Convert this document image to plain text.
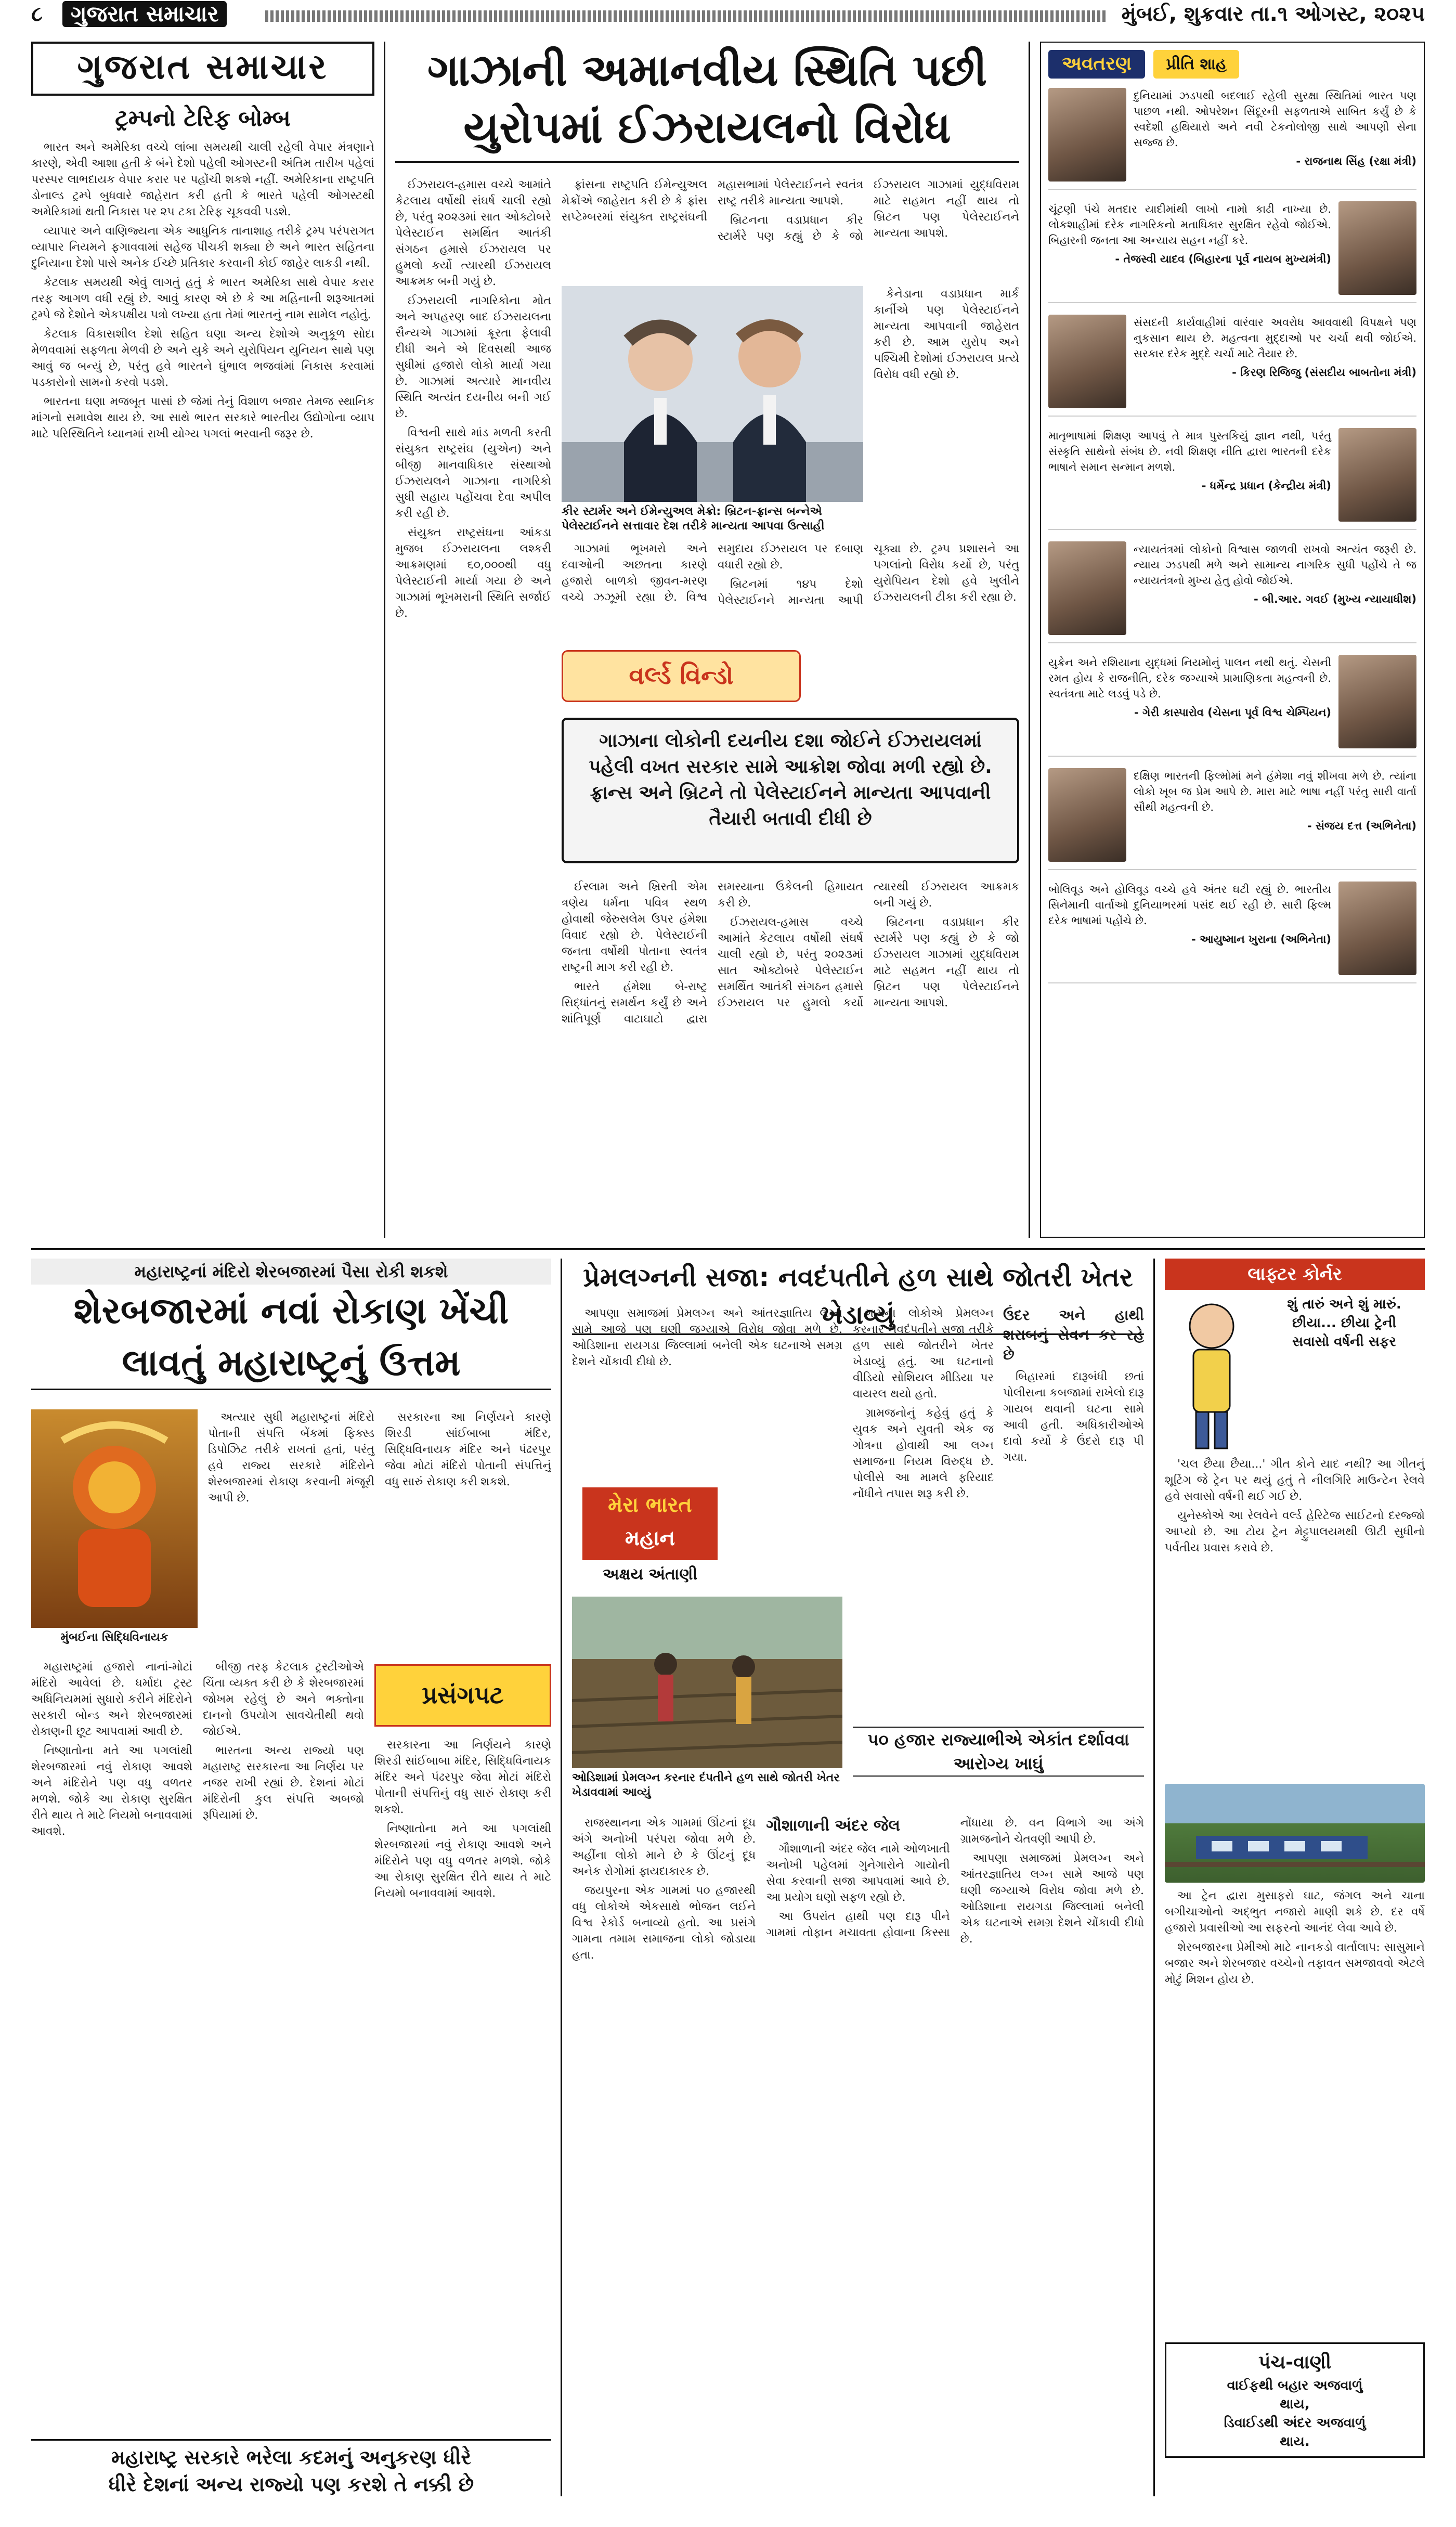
૮	ગુજરાત સમાચાર	મુંબઈ, શુક્રવાર તા.૧ ઓગસ્ટ, ૨૦૨૫
ગુજરાત સમાચાર
ટ્રમ્પનો ટેરિફ બોમ્બ

ભારત અને અમેરિકા વચ્ચે લાંબા સમયથી ચાલી રહેલી વેપાર મંત્રણાને કારણે, એવી આશા હતી કે બંને દેશો પહેલી ઓગસ્ટની અંતિમ તારીખ પહેલાં પરસ્પર લાભદાયક વેપાર કરાર પર પહોંચી શકશે નહીં. અમેરિકાના રાષ્ટ્રપતિ ડોનાલ્ડ ટ્રમ્પે બુધવારે જાહેરાત કરી હતી કે ભારતે પહેલી ઓગસ્ટથી અમેરિકામાં થતી નિકાસ પર ૨૫ ટકા ટેરિફ ચૂકવવી પડશે.

વ્યાપાર અને વાણિજ્યના એક આધુનિક તાનાશાહ તરીકે ટ્રમ્પ પરંપરાગત વ્યાપાર નિયમને ફગાવવામાં સહેજ પીચકી શક્યા છે અને ભારત સહિતના દુનિયાના દેશો પાસે અનેક ઈચ્છે પ્રતિકાર કરવાની કોઈ જાહેર લાકડી નથી.

કેટલાક સમયથી એવું લાગતું હતું કે ભારત અમેરિકા સાથે વેપાર કરાર તરફ આગળ વધી રહ્યું છે. આવું કારણ એ છે કે આ મહિનાની શરૂઆતમાં ટ્રમ્પે જે દેશોને એકપક્ષીય પત્રો લખ્યા હતા તેમાં ભારતનું નામ સામેલ નહોતું.

કેટલાક વિકાસશીલ દેશો સહિત ઘણા અન્ય દેશોએ અનુકૂળ સોદા મેળવવામાં સફળતા મેળવી છે અને યુકે અને યુરોપિયન યુનિયન સાથે પણ આવું જ બન્યું છે, પરંતુ હવે ભારતને ઘુંભાલ ભજવાંમાં નિકાસ કરવામાં પડકારોનો સામનો કરવો પડશે.

ભારતના ઘણા મજબૂત પાસાં છે જેમાં તેનું વિશાળ બજાર તેમજ સ્થાનિક માંગનો સમાવેશ થાય છે. આ સાથે ભારત સરકારે ભારતીય ઉદ્યોગોના વ્યાપ માટે પરિસ્થિતિને ધ્યાનમાં રાખી યોગ્ય પગલાં ભરવાની જરૂર છે.

ગાઝાની અમાનવીય સ્થિતિ પછી
યુરોપમાં ઈઝરાયલનો વિરોધ

ઈઝરાયલ-હમાસ વચ્ચે આમાંતે કેટલાય વર્ષોથી સંઘર્ષ ચાલી રહ્યો છે, પરંતુ ૨૦૨૩માં સાત ઓક્ટોબરે પેલેસ્ટાઈન સમર્થિત આતંકી સંગઠન હમાસે ઈઝરાયલ પર હુમલો કર્યો ત્યારથી ઈઝરાયલ આક્રમક બની ગયું છે.

ઈઝરાયલી નાગરિકોના મોત અને અપહરણ બાદ ઈઝરાયલના સૈન્યએ ગાઝામાં ક્રૂરતા ફેલાવી દીધી અને એ દિવસથી આજ સુધીમાં હજારો લોકો માર્યા ગયા છે. ગાઝામાં અત્યારે માનવીય સ્થિતિ અત્યંત દયનીય બની ગઈ છે.

વિશ્વની સાથે માંડ મળતી કરતી સંયુક્ત રાષ્ટ્રસંઘ (યુએન) અને બીજી માનવાધિકાર સંસ્થાઓ ઈઝરાયલને ગાઝાના નાગરિકો સુધી સહાય પહોંચવા દેવા અપીલ કરી રહી છે.

સંયુક્ત રાષ્ટ્રસંઘના આંકડા મુજબ ઈઝરાયલના લશ્કરી આક્રમણમાં ૬૦,૦૦૦થી વધુ પેલેસ્ટાઈની માર્યા ગયા છે અને ગાઝામાં ભૂખમરાની સ્થિતિ સર્જાઈ છે.

ફ્રાંસના રાષ્ટ્રપતિ ઈમેન્યુઅલ મેક્રોંએ જાહેરાત કરી છે કે ફ્રાંસ સપ્ટેમ્બરમાં સંયુક્ત રાષ્ટ્રસંઘની મહાસભામાં પેલેસ્ટાઈનને સ્વતંત્ર રાષ્ટ્ર તરીકે માન્યતા આપશે.

બ્રિટનના વડાપ્રધાન કીર સ્ટાર્મરે પણ કહ્યું છે કે જો ઈઝરાયલ ગાઝામાં યુદ્ધવિરામ માટે સહમત નહીં થાય તો બ્રિટન પણ પેલેસ્ટાઈનને માન્યતા આપશે.

કીર સ્ટાર્મર અને ઈમેન્યુઅલ મેક્રો: બ્રિટન-ફ્રાન્સ બન્નેએ પેલેસ્ટાઈનને સત્તાવાર દેશ તરીકે માન્યતા આપવા ઉત્સાહી

કેનેડાના વડાપ્રધાન માર્ક કાર્નીએ પણ પેલેસ્ટાઈનને માન્યતા આપવાની જાહેરાત કરી છે. આમ યુરોપ અને પશ્ચિમી દેશોમાં ઈઝરાયલ પ્રત્યે વિરોધ વધી રહ્યો છે.

ગાઝામાં ભૂખમરો અને દવાઓની અછતના કારણે હજારો બાળકો જીવન-મરણ વચ્ચે ઝઝૂમી રહ્યા છે. વિશ્વ સમુદાય ઈઝરાયલ પર દબાણ વધારી રહ્યો છે.

બ્રિટનમાં ૧૪૫ દેશો પેલેસ્ટાઈનને માન્યતા આપી ચૂક્યા છે. ટ્રમ્પ પ્રશાસને આ પગલાંનો વિરોધ કર્યો છે, પરંતુ યુરોપિયન દેશો હવે ખુલીને ઈઝરાયલની ટીકા કરી રહ્યા છે.

વર્લ્ડ વિન્ડો
ગાઝાના લોકોની દયનીય દશા જોઈને ઈઝરાયલમાં પહેલી વખત સરકાર સામે આક્રોશ જોવા મળી રહ્યો છે. ફ્રાન્સ અને બ્રિટને તો પેલેસ્ટાઈનને માન્યતા આપવાની તૈયારી બતાવી દીધી છે

ઈસ્લામ અને ખ્રિસ્તી એમ ત્રણેય ધર્મના પવિત્ર સ્થળ હોવાથી જેરુસલેમ ઉપર હંમેશા વિવાદ રહ્યો છે. પેલેસ્ટાઈની જનતા વર્ષોથી પોતાના સ્વતંત્ર રાષ્ટ્રની માગ કરી રહી છે.

ભારતે હંમેશા બે-રાષ્ટ્ર સિદ્ધાંતનું સમર્થન કર્યું છે અને શાંતિપૂર્ણ વાટાઘાટો દ્વારા સમસ્યાના ઉકેલની હિમાયત કરી છે.

ઈઝરાયલ-હમાસ વચ્ચે આમાંતે કેટલાય વર્ષોથી સંઘર્ષ ચાલી રહ્યો છે, પરંતુ ૨૦૨૩માં સાત ઓક્ટોબરે પેલેસ્ટાઈન સમર્થિત આતંકી સંગઠન હમાસે ઈઝરાયલ પર હુમલો કર્યો ત્યારથી ઈઝરાયલ આક્રમક બની ગયું છે.

બ્રિટનના વડાપ્રધાન કીર સ્ટાર્મરે પણ કહ્યું છે કે જો ઈઝરાયલ ગાઝામાં યુદ્ધવિરામ માટે સહમત નહીં થાય તો બ્રિટન પણ પેલેસ્ટાઈનને માન્યતા આપશે.

અવતરણ	પ્રીતિ શાહ
દુનિયામાં ઝડપથી બદલાઈ રહેલી સુરક્ષા સ્થિતિમાં ભારત પણ પાછળ નથી. ઓપરેશન સિંદૂરની સફળતાએ સાબિત કર્યું છે કે સ્વદેશી હથિયારો અને નવી ટેકનોલોજી સાથે આપણી સેના સજ્જ છે.
- રાજનાથ સિંહ (રક્ષા મંત્રી)
ચૂંટણી પંચે મતદાર યાદીમાંથી લાખો નામો કાઢી નાખ્યા છે. લોકશાહીમાં દરેક નાગરિકનો મતાધિકાર સુરક્ષિત રહેવો જોઈએ. બિહારની જનતા આ અન્યાય સહન નહીં કરે.
- તેજસ્વી યાદવ (બિહારના પૂર્વ નાયબ મુખ્યમંત્રી)
સંસદની કાર્યવાહીમાં વારંવાર અવરોધ આવવાથી વિપક્ષને પણ નુકસાન થાય છે. મહત્વના મુદ્દાઓ પર ચર્ચા થવી જોઈએ. સરકાર દરેક મુદ્દે ચર્ચા માટે તૈયાર છે.
- કિરણ રિજિજુ (સંસદીય બાબતોના મંત્રી)
માતૃભાષામાં શિક્ષણ આપવું તે માત્ર પુસ્તકિયું જ્ઞાન નથી, પરંતુ સંસ્કૃતિ સાથેનો સંબંધ છે. નવી શિક્ષણ નીતિ દ્વારા ભારતની દરેક ભાષાને સમાન સન્માન મળશે.
- ધર્મેન્દ્ર પ્રધાન (કેન્દ્રીય મંત્રી)
ન્યાયતંત્રમાં લોકોનો વિશ્વાસ જાળવી રાખવો અત્યંત જરૂરી છે. ન્યાય ઝડપથી મળે અને સામાન્ય નાગરિક સુધી પહોંચે તે જ ન્યાયતંત્રનો મુખ્ય હેતુ હોવો જોઈએ.
- બી.આર. ગવઈ (મુખ્ય ન્યાયાધીશ)
યુક્રેન અને રશિયાના યુદ્ધમાં નિયમોનું પાલન નથી થતું. ચેસની રમત હોય કે રાજનીતિ, દરેક જગ્યાએ પ્રામાણિકતા મહત્વની છે. સ્વતંત્રતા માટે લડવું પડે છે.
- ગેરી કાસ્પારોવ (ચેસના પૂર્વ વિશ્વ ચેમ્પિયન)
દક્ષિણ ભારતની ફિલ્મોમાં મને હંમેશા નવું શીખવા મળે છે. ત્યાંના લોકો ખૂબ જ પ્રેમ આપે છે. મારા માટે ભાષા નહીં પરંતુ સારી વાર્તા સૌથી મહત્વની છે.
- સંજય દત્ત (અભિનેતા)
બોલિવૂડ અને હોલિવૂડ વચ્ચે હવે અંતર ઘટી રહ્યું છે. ભારતીય સિનેમાની વાર્તાઓ દુનિયાભરમાં પસંદ થઈ રહી છે. સારી ફિલ્મ દરેક ભાષામાં પહોંચે છે.
- આયુષ્માન ખુરાના (અભિનેતા)
મહારાષ્ટ્રનાં મંદિરો શેરબજારમાં પૈસા રોકી શકશે
શેરબજારમાં નવાં રોકાણ ખેંચી
લાવતું મહારાષ્ટ્રનું ઉત્તમ
મુંબઈના સિદ્ધિવિનાયક

અત્યાર સુધી મહારાષ્ટ્રનાં મંદિરો પોતાની સંપત્તિ બેંકમાં ફિક્સ્ડ ડિપોઝિટ તરીકે રાખતાં હતાં, પરંતુ હવે રાજ્ય સરકારે મંદિરોને શેરબજારમાં રોકાણ કરવાની મંજૂરી આપી છે.

સરકારના આ નિર્ણયને કારણે શિરડી સાંઈબાબા મંદિર, સિદ્ધિવિનાયક મંદિર અને પંઢરપુર જેવા મોટાં મંદિરો પોતાની સંપત્તિનું વધુ સારું રોકાણ કરી શકશે.

મહારાષ્ટ્રમાં હજારો નાનાં-મોટાં મંદિરો આવેલાં છે. ધર્માદા ટ્રસ્ટ અધિનિયમમાં સુધારો કરીને મંદિરોને સરકારી બોન્ડ અને શેરબજારમાં રોકાણની છૂટ આપવામાં આવી છે.

નિષ્ણાતોના મતે આ પગલાંથી શેરબજારમાં નવું રોકાણ આવશે અને મંદિરોને પણ વધુ વળતર મળશે. જોકે આ રોકાણ સુરક્ષિત રીતે થાય તે માટે નિયમો બનાવવામાં આવશે.

બીજી તરફ કેટલાક ટ્રસ્ટીઓએ ચિંતા વ્યક્ત કરી છે કે શેરબજારમાં જોખમ રહેલું છે અને ભક્તોના દાનનો ઉપયોગ સાવચેતીથી થવો જોઈએ.

ભારતના અન્ય રાજ્યો પણ મહારાષ્ટ્ર સરકારના આ નિર્ણય પર નજર રાખી રહ્યાં છે. દેશનાં મોટાં મંદિરોની કુલ સંપત્તિ અબજો રૂપિયામાં છે.

પ્રસંગપટ

સરકારના આ નિર્ણયને કારણે શિરડી સાંઈબાબા મંદિર, સિદ્ધિવિનાયક મંદિર અને પંઢરપુર જેવા મોટાં મંદિરો પોતાની સંપત્તિનું વધુ સારું રોકાણ કરી શકશે.

નિષ્ણાતોના મતે આ પગલાંથી શેરબજારમાં નવું રોકાણ આવશે અને મંદિરોને પણ વધુ વળતર મળશે. જોકે આ રોકાણ સુરક્ષિત રીતે થાય તે માટે નિયમો બનાવવામાં આવશે.

મહારાષ્ટ્ર સરકારે ભરેલા કદમનું અનુકરણ ધીરે
ધીરે દેશનાં અન્ય રાજ્યો પણ કરશે તે નક્કી છે
પ્રેમલગ્નની સજા: નવદંપતીને હળ સાથે જોતરી ખેતર ખેડાવ્યું

આપણા સમાજમાં પ્રેમલગ્ન અને આંતરજ્ઞાતિય લગ્ન સામે આજે પણ ઘણી જગ્યાએ વિરોધ જોવા મળે છે. ઓડિશાના રાયગડા જિલ્લામાં બનેલી એક ઘટનાએ સમગ્ર દેશને ચોંકાવી દીધો છે.

મેરા ભારત
મહાન
અક્ષય અંતાણી
ઓડિશામાં પ્રેમલગ્ન કરનાર દંપતીને હળ સાથે જોતરી ખેતર ખેડાવવામાં આવ્યું

ગામના લોકોએ પ્રેમલગ્ન કરનાર નવદંપતીને સજા તરીકે હળ સાથે જોતરીને ખેતર ખેડાવ્યું હતું. આ ઘટનાનો વીડિયો સોશિયલ મીડિયા પર વાયરલ થયો હતો.

ગ્રામજનોનું કહેવું હતું કે યુવક અને યુવતી એક જ ગોત્રના હોવાથી આ લગ્ન સમાજના નિયમ વિરુદ્ધ છે. પોલીસે આ મામલે ફરિયાદ નોંધીને તપાસ શરૂ કરી છે.

ઉંદર અને હાથી શરાબનું સેવન કર રહે છે

બિહારમાં દારૂબંધી છતાં પોલીસના કબજામાં રાખેલો દારૂ ગાયબ થવાની ઘટના સામે આવી હતી. અધિકારીઓએ દાવો કર્યો કે ઉંદરો દારૂ પી ગયા.

૫૦ હજાર રાજ્યાભીએ એકાંત દર્શાવવા આરોગ્ય ખાઘું

રાજસ્થાનના એક ગામમાં ઊંટનાં દૂધ અંગે અનોખી પરંપરા જોવા મળે છે. અહીંના લોકો માને છે કે ઊંટનું દૂધ અનેક રોગોમાં ફાયદાકારક છે.

જયપુરના એક ગામમાં ૫૦ હજારથી વધુ લોકોએ એકસાથે ભોજન લઈને વિશ્વ રેકોર્ડ બનાવ્યો હતો. આ પ્રસંગે ગામના તમામ સમાજના લોકો જોડાયા હતા.

ગૌશાળાની અંદર જેલ

ગૌશાળાની અંદર જેલ નામે ઓળખાતી અનોખી પહેલમાં ગુનેગારોને ગાયોની સેવા કરવાની સજા આપવામાં આવે છે. આ પ્રયોગ ઘણો સફળ રહ્યો છે.

આ ઉપરાંત હાથી પણ દારૂ પીને ગામમાં તોફાન મચાવતા હોવાના કિસ્સા નોંધાયા છે. વન વિભાગે આ અંગે ગ્રામજનોને ચેતવણી આપી છે.

આપણા સમાજમાં પ્રેમલગ્ન અને આંતરજ્ઞાતિય લગ્ન સામે આજે પણ ઘણી જગ્યાએ વિરોધ જોવા મળે છે. ઓડિશાના રાયગડા જિલ્લામાં બનેલી એક ઘટનાએ સમગ્ર દેશને ચોંકાવી દીધો છે.

લાફ્ટર કોર્નર
શું તારું અને શું મારું.
છીયા... છીયા ટ્રેની
સવાસો વર્ષની સફર

'ચલ છૈયા છૈયા...' ગીત કોને યાદ નથી? આ ગીતનું શૂટિંગ જે ટ્રેન પર થયું હતું તે નીલગિરિ માઉન્ટેન રેલવે હવે સવાસો વર્ષની થઈ ગઈ છે.

યુનેસ્કોએ આ રેલવેને વર્લ્ડ હેરિટેજ સાઈટનો દરજ્જો આપ્યો છે. આ ટોય ટ્રેન મેટ્ટુપાલયમથી ઊટી સુધીનો પર્વતીય પ્રવાસ કરાવે છે.

આ ટ્રેન દ્વારા મુસાફરો ઘાટ, જંગલ અને ચાના બગીચાઓનો અદ્ભુત નજારો માણી શકે છે. દર વર્ષે હજારો પ્રવાસીઓ આ સફરનો આનંદ લેવા આવે છે.

શેરબજારના પ્રેમીઓ માટે નાનકડો વાર્તાલાપ: સાસુમાને બજાર અને શેરબજાર વચ્ચેનો તફાવત સમજાવવો એટલે મોટું મિશન હોય છે.

પંચ-વાણી
વાઈફથી બહાર અજવાળું
થાય,
ડિવાઈડથી અંદર અજવાળું
થાય.
